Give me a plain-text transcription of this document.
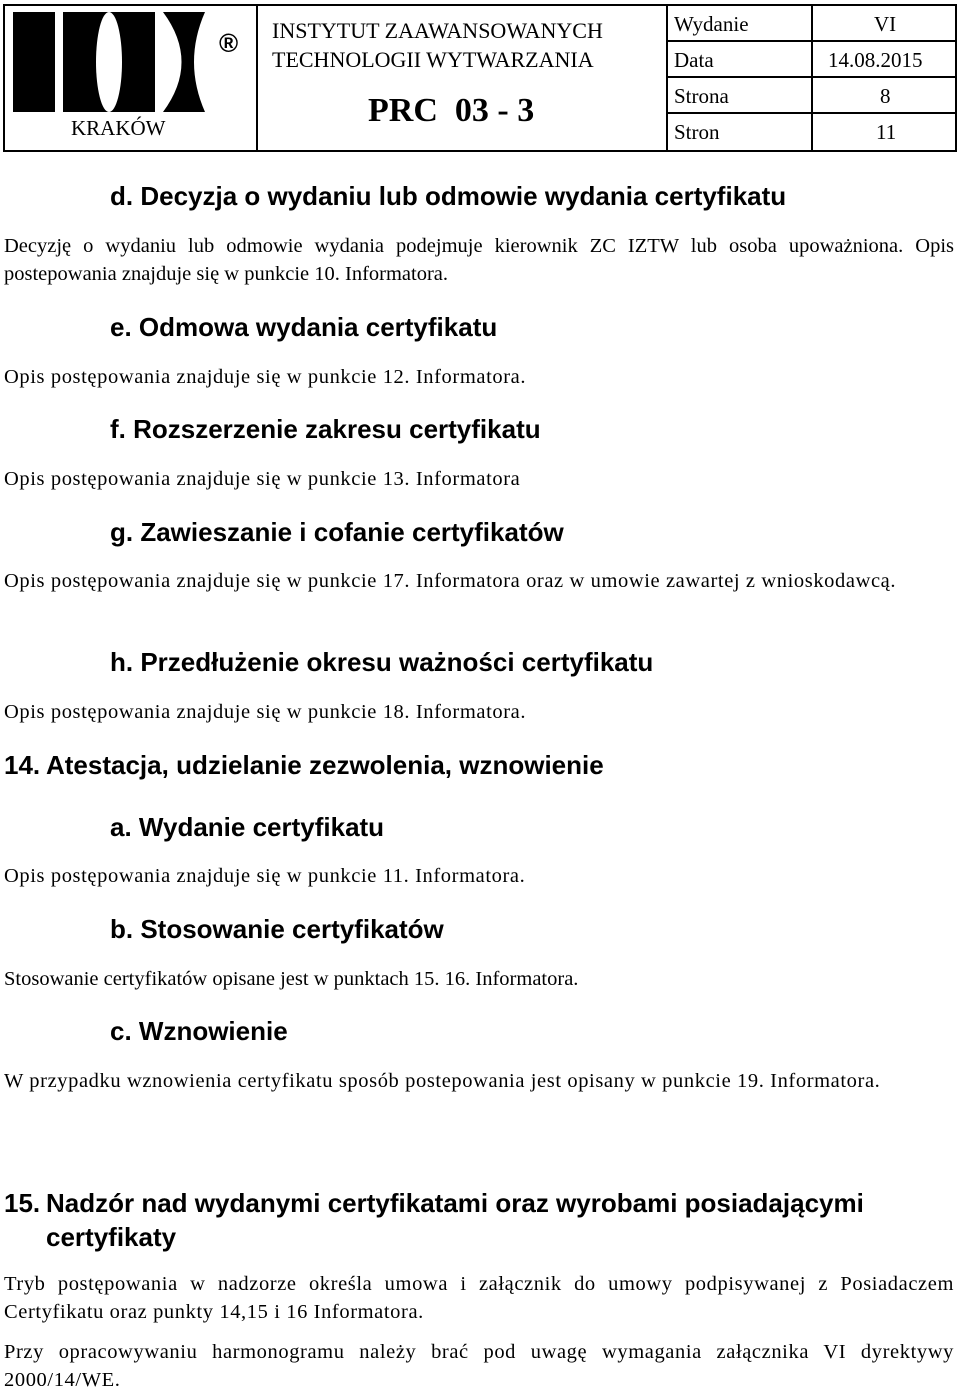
®
KRAKÓW
INSTYTUT ZAAWANSOWANYCH
TECHNOLOGII WYTWARZANIA
PRC  03 - 3
Wydanie	VI
Data	14.08.2015
Strona	8
Stron	11
d. Decyzja o wydaniu lub odmowie wydania certyfikatu
Decyzję o wydaniu lub odmowie wydania podejmuje kierownik ZC IZTW lub osoba upoważniona. Opis postepowania znajduje się w punkcie 10. Informatora.
e. Odmowa wydania certyfikatu
Opis postępowania znajduje się w punkcie 12. Informatora.
f. Rozszerzenie zakresu certyfikatu
Opis postępowania znajduje się w punkcie 13. Informatora
g. Zawieszanie i cofanie certyfikatów
Opis postępowania znajduje się w punkcie 17. Informatora oraz w umowie zawartej z wnioskodawcą.
h. Przedłużenie okresu ważności certyfikatu
Opis postępowania znajduje się w punkcie 18. Informatora.
14. Atestacja, udzielanie zezwolenia, wznowienie
a. Wydanie certyfikatu
Opis postępowania znajduje się w punkcie 11. Informatora.
b. Stosowanie certyfikatów
Stosowanie certyfikatów opisane jest w punktach 15. 16. Informatora.
c. Wznowienie
W przypadku wznowienia certyfikatu sposób postepowania jest opisany w punkcie 19. Informatora.
15. Nadzór nad wydanymi certyfikatami oraz wyrobami posiadającymi
certyfikaty
Tryb postępowania w nadzorze określa umowa i załącznik do umowy podpisywanej z Posiadaczem Certyfikatu oraz punkty 14,15 i 16 Informatora.
Przy opracowywaniu harmonogramu należy brać pod uwagę wymagania załącznika VI dyrektywy 2000/14/WE.
